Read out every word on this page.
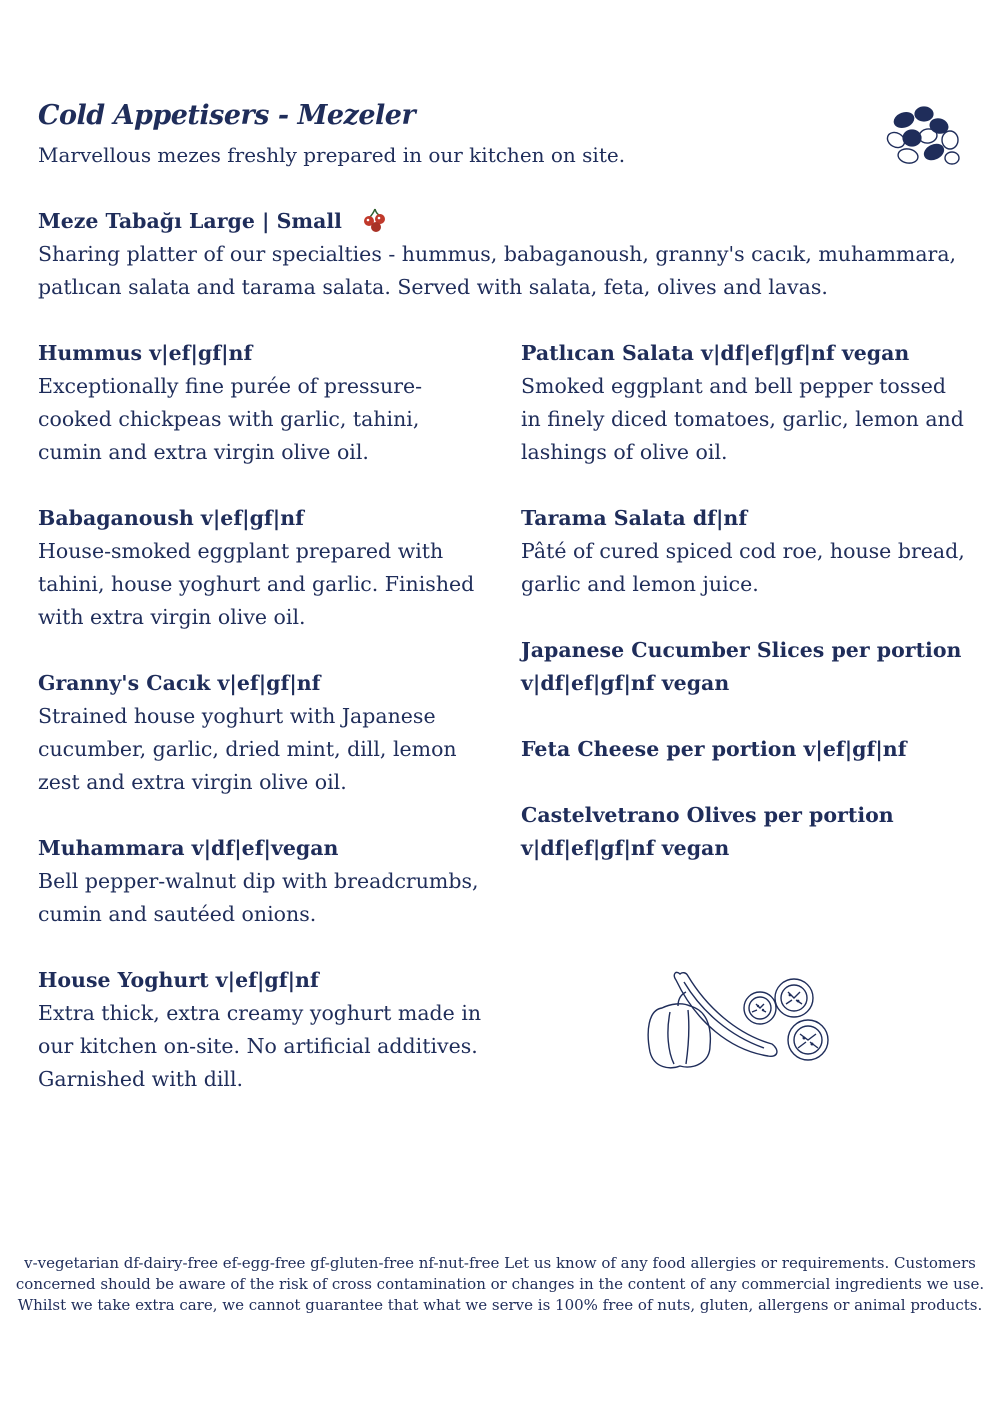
Cold Appetisers - Mezeler
Marvellous mezes freshly prepared in our kitchen on site.
Meze Tabağı Large | Small
Sharing platter of our specialties - hummus, babaganoush, granny's cacık, muhammara, patlıcan salata and tarama salata. Served with salata, feta, olives and lavas.
Hummus v|ef|gf|nf
Exceptionally fine purée of pressure-cooked chickpeas with garlic, tahini, cumin and extra virgin olive oil.
Babaganoush v|ef|gf|nf
House-smoked eggplant prepared with tahini, house yoghurt and garlic. Finished with extra virgin olive oil.
Granny's Cacık v|ef|gf|nf
Strained house yoghurt with Japanese cucumber, garlic, dried mint, dill, lemon zest and extra virgin olive oil.
Muhammara v|df|ef|vegan
Bell pepper-walnut dip with breadcrumbs, cumin and sautéed onions.
House Yoghurt v|ef|gf|nf
Extra thick, extra creamy yoghurt made in our kitchen on-site. No artificial additives. Garnished with dill.
Patlıcan Salata v|df|ef|gf|nf vegan
Smoked eggplant and bell pepper tossed in finely diced tomatoes, garlic, lemon and lashings of olive oil.
Tarama Salata df|nf
Pâté of cured spiced cod roe, house bread, garlic and lemon juice.
Japanese Cucumber Slices per portion v|df|ef|gf|nf vegan
Feta Cheese per portion v|ef|gf|nf
Castelvetrano Olives per portion v|df|ef|gf|nf vegan
v-vegetarian df-dairy-free ef-egg-free gf-gluten-free nf-nut-free Let us know of any food allergies or requirements. Customers concerned should be aware of the risk of cross contamination or changes in the content of any commercial ingredients we use. Whilst we take extra care, we cannot guarantee that what we serve is 100% free of nuts, gluten, allergens or animal products.
